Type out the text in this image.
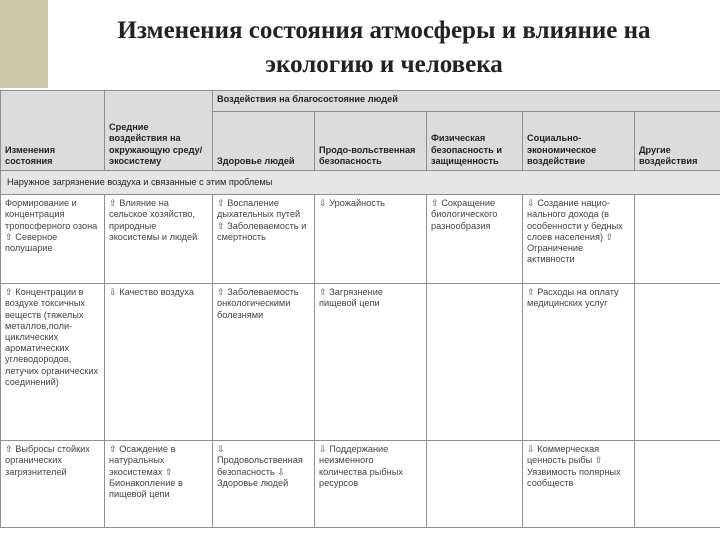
Изменения состояния атмосферы и влияние на
экологию и человека
Изменения состояния	Средние воздействия на окружающую среду/экосистему	Воздействия на благосостояние людей				
		Здоровье людей	Продо-вольственная безопасность	Физическая безопасность и защищенность	Социально-экономическое воздействие	Другие воздействия
Наружное загрязнение воздуха и связанные с этим проблемы						
Формирование и концентрация тропосферного озона ⇧ Северное полушарие	⇧ Влияние на сельское хозяйство, природные экосистемы и людей	⇧ Воспаление дыхательных путей ⇧ Заболеваемость и смертность	⇩ Урожайность	⇧ Сокращение биологического разнообразия	⇩ Создание нацио-нального дохода (в особенности у бедных слоев населения) ⇧ Ограничение активности	
⇧ Концентрации в воздухе токсичных веществ (тяжелых металлов,поли-циклических ароматических углеводородов, летучих органических соединений)	⇩ Качество воздуха	⇧ Заболеваемость онкологическими болезнями	⇧ Загрязнение пищевой цепи		⇧ Расходы на оплату медицинских услуг	
⇧ Выбросы стойких органических загрязнителей	⇧ Осаждение в натуральных экосистемах ⇧ Бионакопление в пищевой цепи	⇩ Продовольственная безопасность ⇩ Здоровье людей	⇩ Поддержание неизменного количества рыбных ресурсов		⇩ Коммерческая ценность рыбы ⇧ Уязвимость полярных сообществ	
